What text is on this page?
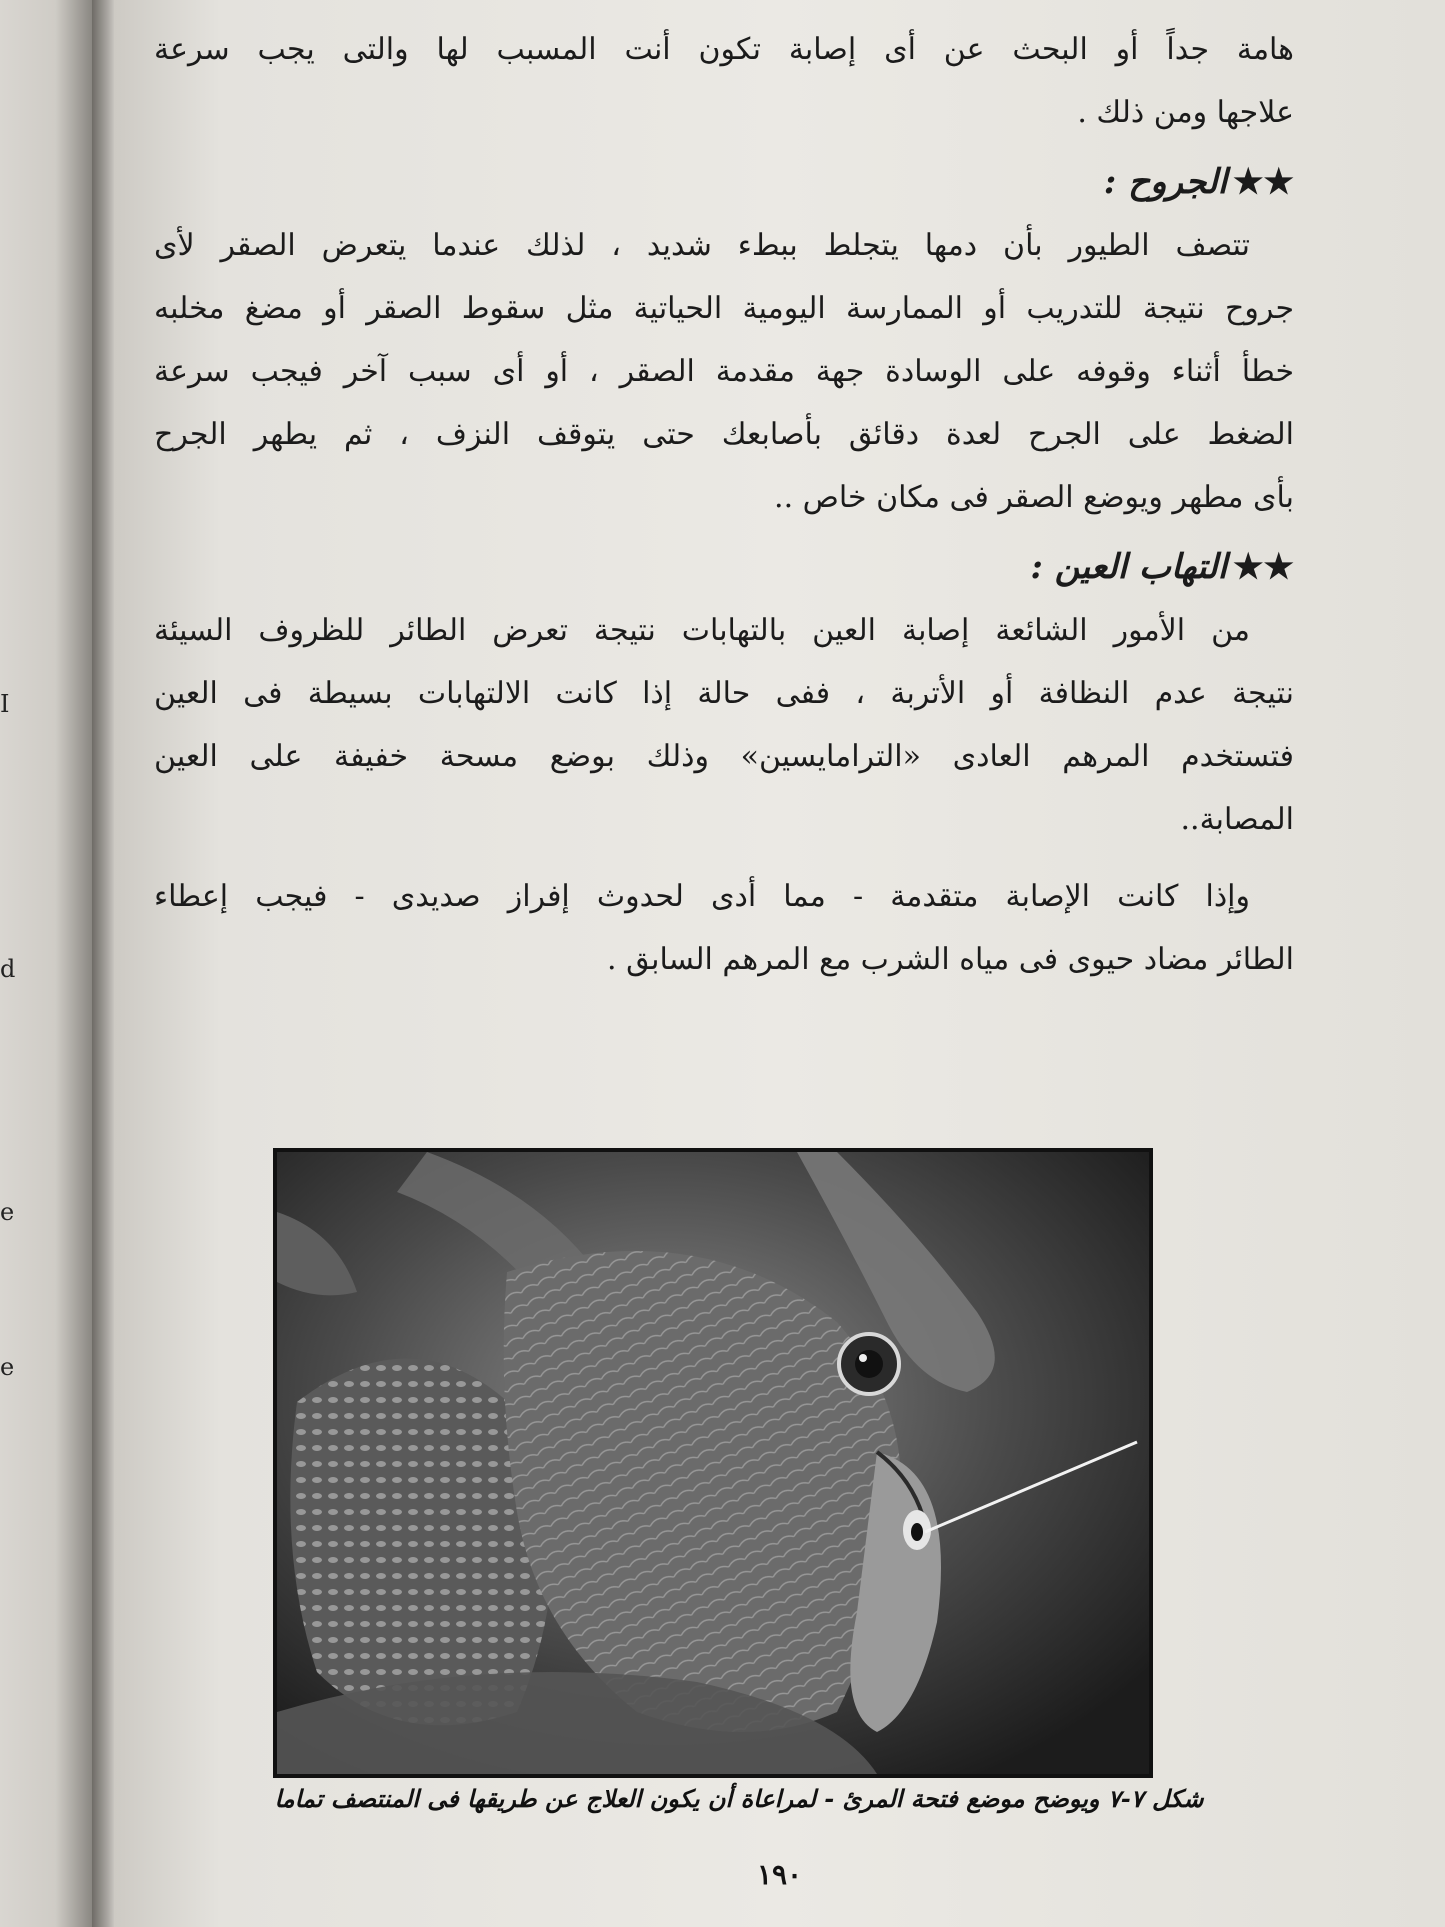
I
d
e
e
هامة جداً أو البحث عن أى إصابة تكون أنت المسبب لها والتى يجب سرعة
علاجها ومن ذلك .
★★الجروح :
تتصف الطيور بأن دمها يتجلط ببطء شديد ، لذلك عندما يتعرض الصقر لأى
جروح نتيجة للتدريب أو الممارسة اليومية الحياتية مثل سقوط الصقر أو مضغ مخلبه
خطأ أثناء وقوفه على الوسادة جهة مقدمة الصقر ، أو أى سبب آخر فيجب سرعة
الضغط على الجرح لعدة دقائق بأصابعك حتى يتوقف النزف ، ثم يطهر الجرح
بأى مطهر ويوضع الصقر فى مكان خاص ..
★★التهاب العين :
من الأمور الشائعة إصابة العين بالتهابات نتيجة تعرض الطائر للظروف السيئة
نتيجة عدم النظافة أو الأتربة ، ففى حالة إذا كانت الالتهابات بسيطة فى العين
فتستخدم المرهم العادى «الترامايسين» وذلك بوضع مسحة خفيفة على العين
المصابة..
وإذا كانت الإصابة متقدمة - مما أدى لحدوث إفراز صديدى - فيجب إعطاء
الطائر مضاد حيوى فى مياه الشرب مع المرهم السابق .
شكل ٧-٧ ويوضح موضع فتحة المرئ - لمراعاة أن يكون العلاج عن طريقها فى المنتصف تماما
١٩٠
